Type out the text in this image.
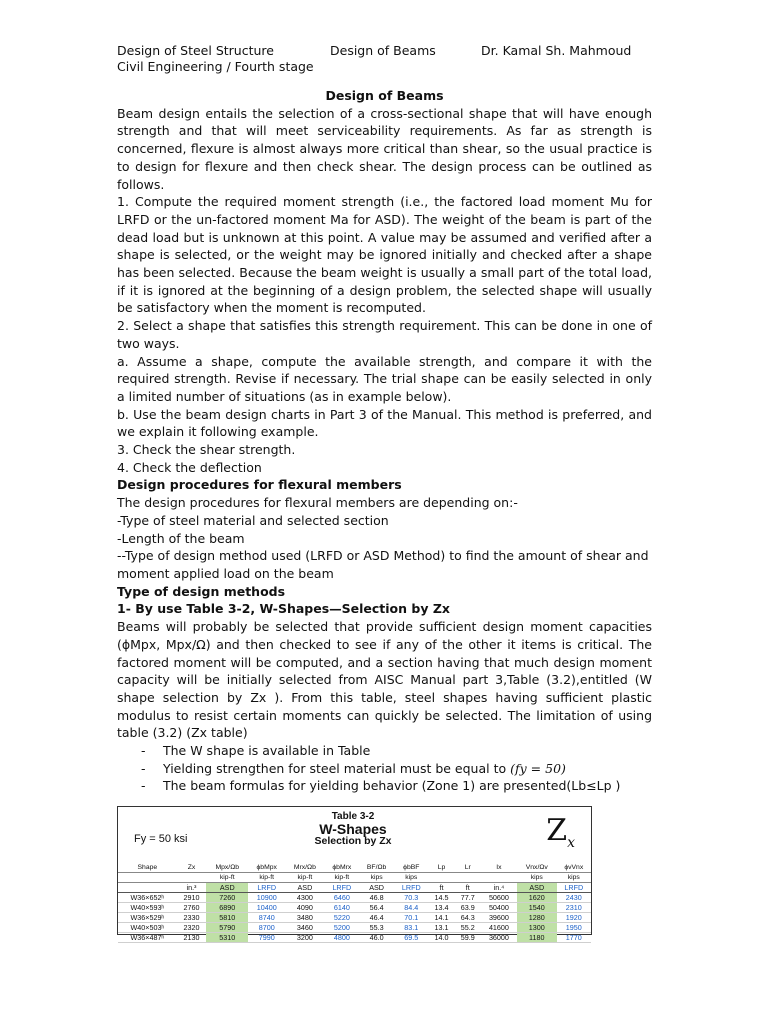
Design of Steel Structure	Design of Beams	Dr. Kamal Sh. Mahmoud
Civil Engineering / Fourth stage

Design of Beams

Beam design entails the selection of a cross-sectional shape that will have enough strength and that will meet serviceability requirements. As far as strength is concerned, flexure is almost always more critical than shear, so the usual practice is to design for flexure and then check shear. The design process can be outlined as follows.

1. Compute the required moment strength (i.e., the factored load moment Mu for LRFD or the un-factored moment Ma for ASD). The weight of the beam is part of the dead load but is unknown at this point. A value may be assumed and verified after a shape is selected, or the weight may be ignored initially and checked after a shape has been selected. Because the beam weight is usually a small part of the total load, if it is ignored at the beginning of a design problem, the selected shape will usually be satisfactory when the moment is recomputed.

2. Select a shape that satisfies this strength requirement. This can be done in one of two ways.

a. Assume a shape, compute the available strength, and compare it with the required strength. Revise if necessary. The trial shape can be easily selected in only a limited number of situations (as in example below).

b. Use the beam design charts in Part 3 of the Manual. This method is preferred, and we explain it following example.

3. Check the shear strength.

4. Check the deflection

Design procedures for flexural members

The design procedures for flexural members are depending on:-

-Type of steel material and selected section

-Length of the beam

--Type of design method used (LRFD or ASD Method) to find the amount of shear and moment applied load on the beam

Type of design methods

1- By use Table 3-2, W-Shapes—Selection by Zx

Beams will probably be selected that provide sufficient design moment capacities (ϕMpx, Mpx/Ω) and then checked to see if any of the other it items is critical. The factored moment will be computed, and a section having that much design moment capacity will be initially selected from AISC Manual part 3,Table (3.2),entitled (W shape selection by Zx ). From this table, steel shapes having sufficient plastic modulus to resist certain moments can quickly be selected. The limitation of using table (3.2) (Zx table)

- The W shape is available in Table
- Yielding strengthen for steel material must be equal to (𝑓𝑦 = 50)
- The beam formulas for yielding behavior (Zone 1) are presented(Lb≤Lp )
Fy = 50 ksi
Table 3-2
W-Shapes
Selection by Zx	$Z_x$
Shape	Zx	Mpx/Ωb	ϕbMpx	Mrx/Ωb	ϕbMrx	BF/Ωb	ϕbBF	Lp	Lr	Ix	Vnx/Ωv	ϕvVnx
		kip-ft	kip-ft	kip-ft	kip-ft	kips	kips				kips	kips
	in.³	ASD	LRFD	ASD	LRFD	ASD	LRFD	ft	ft	in.⁴	ASD	LRFD
W36×652ʰ	2910	7260	10900	4300	6460	46.8	70.3	14.5	77.7	50600	1620	2430
W40×593ʰ	2760	6890	10400	4090	6140	56.4	84.4	13.4	63.9	50400	1540	2310
W36×529ʰ	2330	5810	8740	3480	5220	46.4	70.1	14.1	64.3	39600	1280	1920
W40×503ʰ	2320	5790	8700	3460	5200	55.3	83.1	13.1	55.2	41600	1300	1950
W36×487ʰ	2130	5310	7990	3200	4800	46.0	69.5	14.0	59.9	36000	1180	1770
